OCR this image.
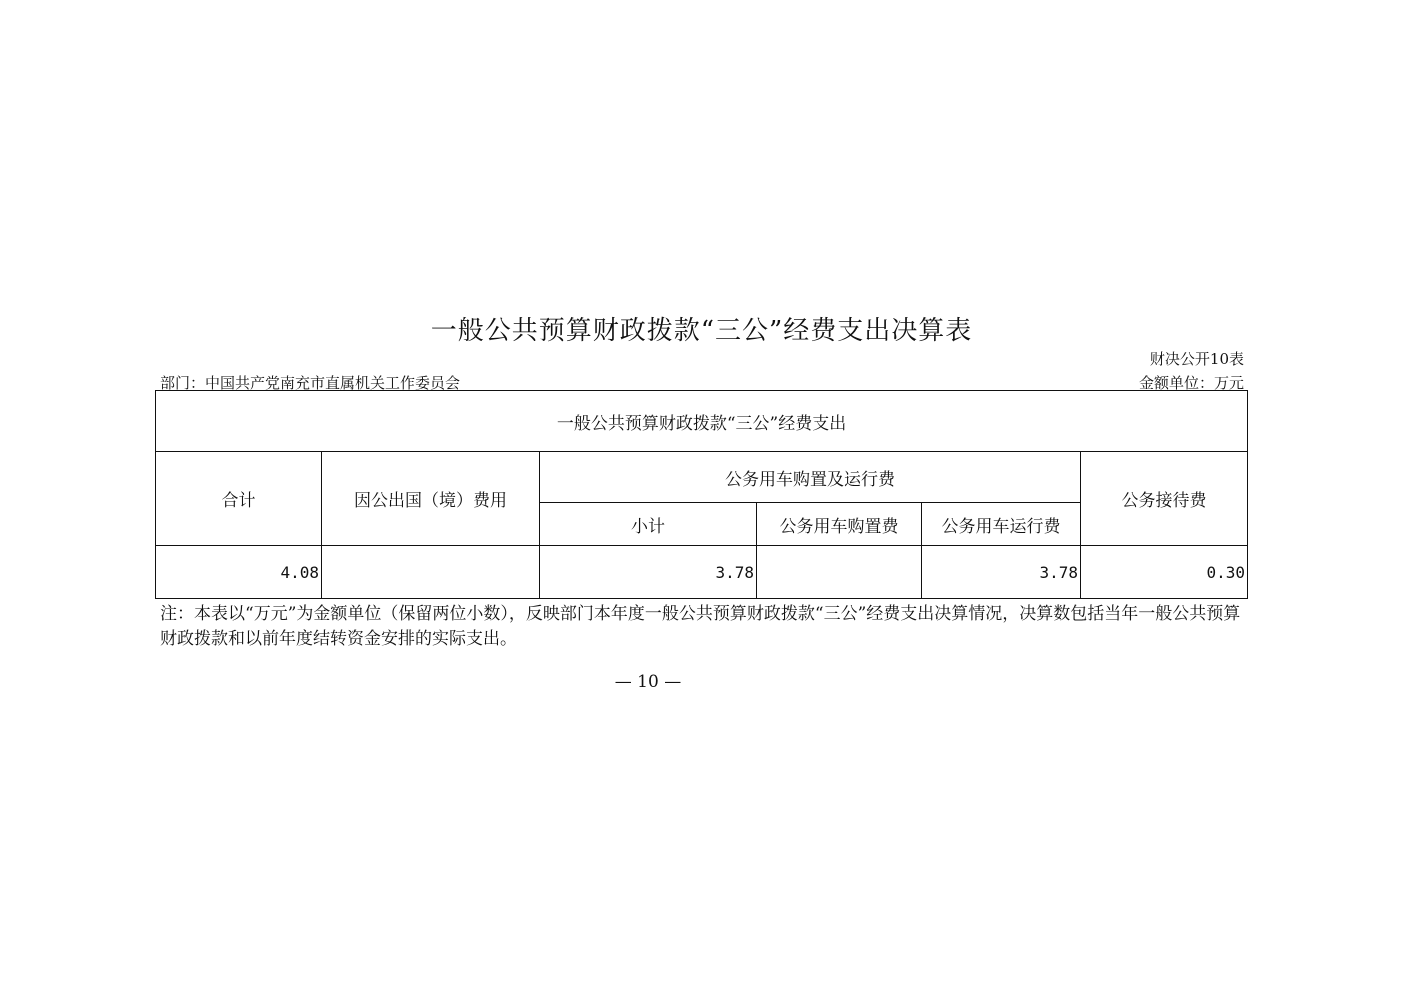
一般公共预算财政拨款“三公”经费支出决算表
财决公开10表
部门：中国共产党南充市直属机关工作委员会	金额单位：万元
一般公共预算财政拨款“三公”经费支出					
合计	因公出国（境）费用	公务用车购置及运行费			公务接待费
		小计	公务用车购置费	公务用车运行费	
4.08		3.78		3.78	0.30
注：本表以“万元”为金额单位（保留两位小数），反映部门本年度一般公共预算财政拨款“三公”经费支出决算情况，决算数包括当年一般公共预算财政拨款和以前年度结转资金安排的实际支出。
— 10 —
